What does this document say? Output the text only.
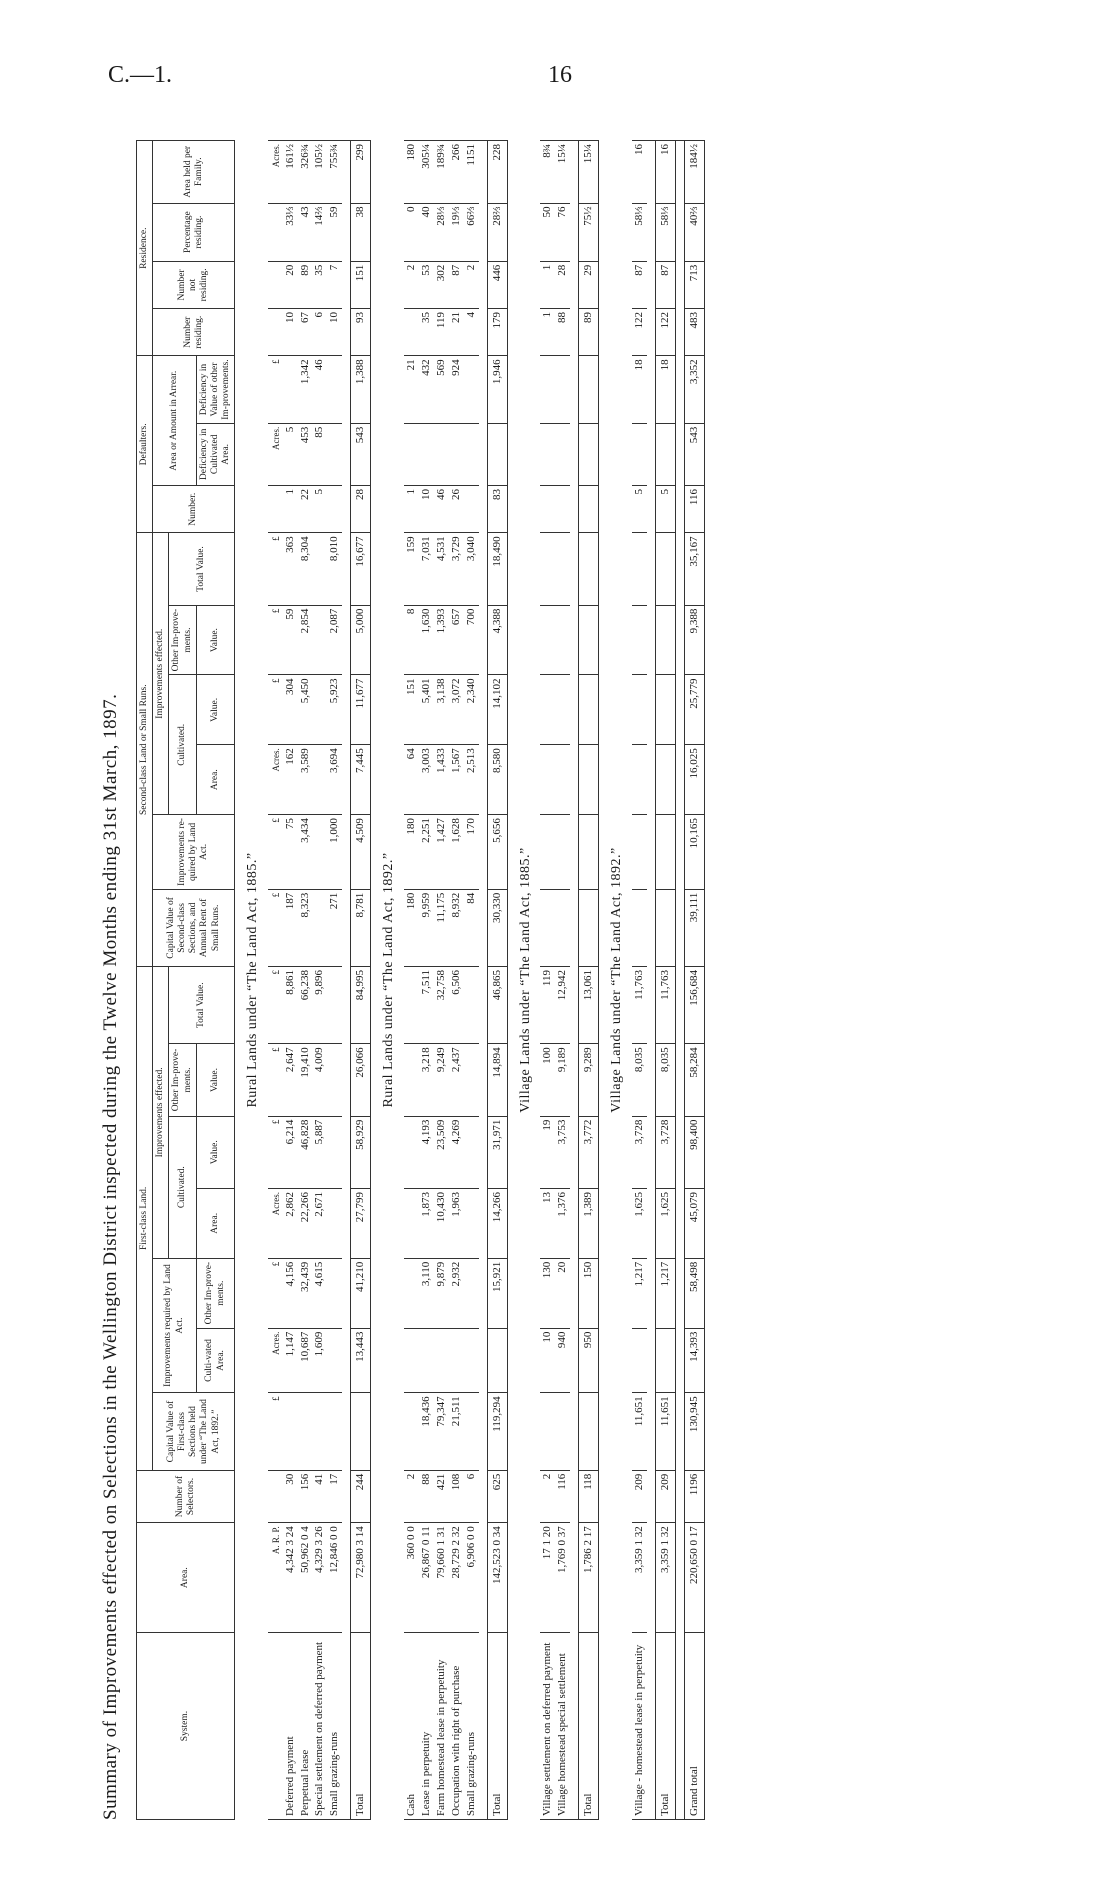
C.—1.	16
Summary of Improvements effected on Selections in the Wellington District inspected during the Twelve Months ending 31st March, 1897.	System.	Area.	Number of Selectors.	First-class Land.							Second-class Land or Small Runs.						Defaulters.			Residence.			
			Capital Value of First-class Sections held under “The Land Act, 1892.”	Improvements required by Land Act.		Improvements effected.				Capital Value of Second-class Sections, and Annual Rent of Small Runs.	Improvements re-quired by Land Act.	Improvements effected.				Number.	Area or Amount in Arrear.		Number residing.	Number not residing.	Percentage residing.	Area held per Family.
						Cultivated.		Other Im-prove-ments.	Total Value.			Cultivated.		Other Im-prove-ments.	Total Value.							
				Culti-vated Area.	Other Im-prove-ments.	Area.	Value.	Value.				Area.	Value.	Value.			Deficiency in Cultivated Area.	Deficiency in Value of other Im-provements.				
Rural Lands under “The Land Act, 1885.”																						
	A. R. P.		£	Acres.	£	Acres.	£	£	£	£	£	Acres.	£	£	£		Acres.	£				Acres.
Deferred payment	4,342 3 24	30		1,147	4,156	2,862	6,214	2,647	8,861	187	75	162	304	59	363	1	5		10	20	33⅓	161½
Perpetual lease	50,962 0 4	156		10,687	32,439	22,266	46,828	19,410	66,238	8,323	3,434	3,589	5,450	2,854	8,304	22	453	1,342	67	89	43	326¾
Special settlement on deferred payment	4,329 3 26	41		1,609	4,615	2,671	5,887	4,009	9,896							5	85	46	6	35	14⅔	105½
Small grazing-runs	12,846 0 0	17								271	1,000	3,694	5,923	2,087	8,010				10	7	59	755¾

Total	72,980 3 14	244		13,443	41,210	27,799	58,929	26,066	84,995	8,781	4,509	7,445	11,677	5,000	16,677	28	543	1,388	93	151	38	299
Rural Lands under “The Land Act, 1892.”																						
Cash	360 0 0	2								180	180	64	151	8	159	1		21		2	0	180
Lease in perpetuity	26,867 0 11	88	18,436		3,110	1,873	4,193	3,218	7,511	9,959	2,251	3,003	5,401	1,630	7,031	10		432	35	53	40	305¼
Farm homestead lease in perpetuity	79,660 1 31	421	79,347		9,879	10,430	23,509	9,249	32,758	11,175	1,427	1,433	3,138	1,393	4,531	46		569	119	302	28⅓	189¾
Occupation with right of purchase	28,729 2 32	108	21,511		2,932	1,963	4,269	2,437	6,506	8,932	1,628	1,567	3,072	657	3,729	26		924	21	87	19⅓	266
Small grazing-runs	6,906 0 0	6								84	170	2,513	2,340	700	3,040				4	2	66⅔	1151

Total	142,523 0 34	625	119,294		15,921	14,266	31,971	14,894	46,865	30,330	5,656	8,580	14,102	4,388	18,490	83		1,946	179	446	28⅔	228
Village Lands under “The Land Act, 1885.”																						
Village settlement on deferred payment	17 1 20	2		10	130	13	19	100	119										1	1	50	8¾
Village homestead special settlement	1,769 0 37	116		940	20	1,376	3,753	9,189	12,942										88	28	76	15¼

Total	1,786 2 17	118		950	150	1,389	3,772	9,289	13,061										89	29	75½	15¼
Village Lands under “The Land Act, 1892.”																						
Village - homestead lease in perpetuity	3,359 1 32	209	11,651		1,217	1,625	3,728	8,035	11,763							5		18	122	87	58⅓	16

Total	3,359 1 32	209	11,651		1,217	1,625	3,728	8,035	11,763							5		18	122	87	58⅓	16

Grand total	220,650 0 17	1196	130,945	14,393	58,498	45,079	98,400	58,284	156,684	39,111	10,165	16,025	25,779	9,388	35,167	116	543	3,352	483	713	40⅔	184½
